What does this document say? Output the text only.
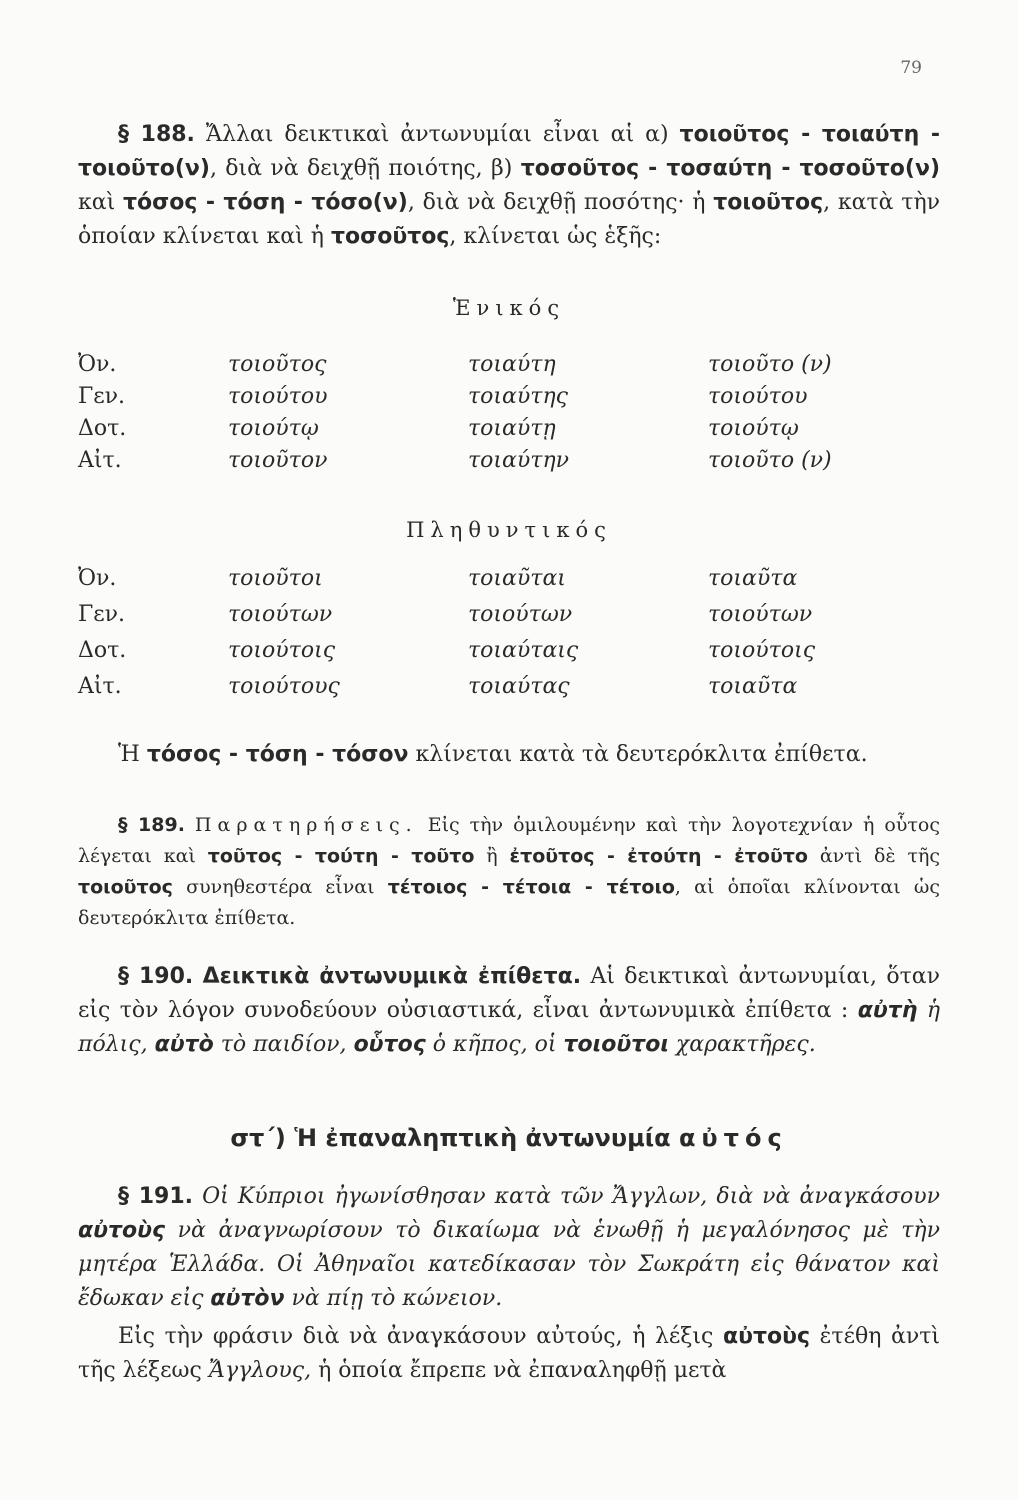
79
§ 188. Ἄλλαι δεικτικαὶ ἀντωνυμίαι εἶναι αἱ α) τοιοῦτος - τοιαύτη - τοιοῦτο(ν), διὰ νὰ δειχθῇ ποιότης, β) τοσοῦτος - τοσαύτη - τοσοῦτο(ν) καὶ τόσος - τόση - τόσο(ν), διὰ νὰ δειχθῇ ποσότης· ἡ τοιοῦτος, κατὰ τὴν ὁποίαν κλίνεται καὶ ἡ τοσοῦτος, κλίνεται ὡς ἑξῆς:
Ἑνικός
Ὀν.	τοιοῦτος	τοιαύτη	τοιοῦτο (ν)
Γεν.	τοιούτου	τοιαύτης	τοιούτου
Δοτ.	τοιούτῳ	τοιαύτῃ	τοιούτῳ
Αἰτ.	τοιοῦτον	τοιαύτην	τοιοῦτο (ν)
Πληθυντικός
Ὀν.	τοιοῦτοι	τοιαῦται	τοιαῦτα
Γεν.	τοιούτων	τοιούτων	τοιούτων
Δοτ.	τοιούτοις	τοιαύταις	τοιούτοις
Αἰτ.	τοιούτους	τοιαύτας	τοιαῦτα
Ἡ τόσος - τόση - τόσον κλίνεται κατὰ τὰ δευτερόκλιτα ἐπίθετα.
§ 189. Παρατηρήσεις. Εἰς τὴν ὁμιλουμένην καὶ τὴν λογοτεχνίαν ἡ οὗτος λέγεται καὶ τοῦτος - τούτη - τοῦτο ἢ ἐτοῦτος - ἐτούτη - ἐτοῦτο ἀντὶ δὲ τῆς τοιοῦτος συνηθεστέρα εἶναι τέτοιος - τέτοια - τέτοιο, αἱ ὁποῖαι κλίνονται ὡς δευτερόκλιτα ἐπίθετα.
§ 190. Δεικτικὰ ἀντωνυμικὰ ἐπίθετα. Αἱ δεικτικαὶ ἀντωνυμίαι, ὅταν εἰς τὸν λόγον συνοδεύουν οὐσιαστικά, εἶναι ἀντωνυμικὰ ἐπίθετα : αὐτὴ ἡ πόλις, αὐτὸ τὸ παιδίον, οὗτος ὁ κῆπος, οἱ τοιοῦτοι χαρακτῆρες.
στ΄) Ἡ ἐπαναληπτικὴ ἀντωνυμία αὐτός
§ 191. Οἱ Κύπριοι ἠγωνίσθησαν κατὰ τῶν Ἄγγλων, διὰ νὰ ἀναγκάσουν αὐτοὺς νὰ ἀναγνωρίσουν τὸ δικαίωμα νὰ ἑνωθῇ ἡ μεγαλόνησος μὲ τὴν μητέρα Ἑλλάδα. Οἱ Ἀθηναῖοι κατεδίκασαν τὸν Σωκράτη εἰς θάνατον καὶ ἔδωκαν εἰς αὐτὸν νὰ πίῃ τὸ κώνειον.
Εἰς τὴν φράσιν διὰ νὰ ἀναγκάσουν αὐτούς, ἡ λέξις αὐτοὺς ἐτέθη ἀντὶ τῆς λέξεως Ἄγγλους, ἡ ὁποία ἔπρεπε νὰ ἐπαναληφθῇ μετὰ
